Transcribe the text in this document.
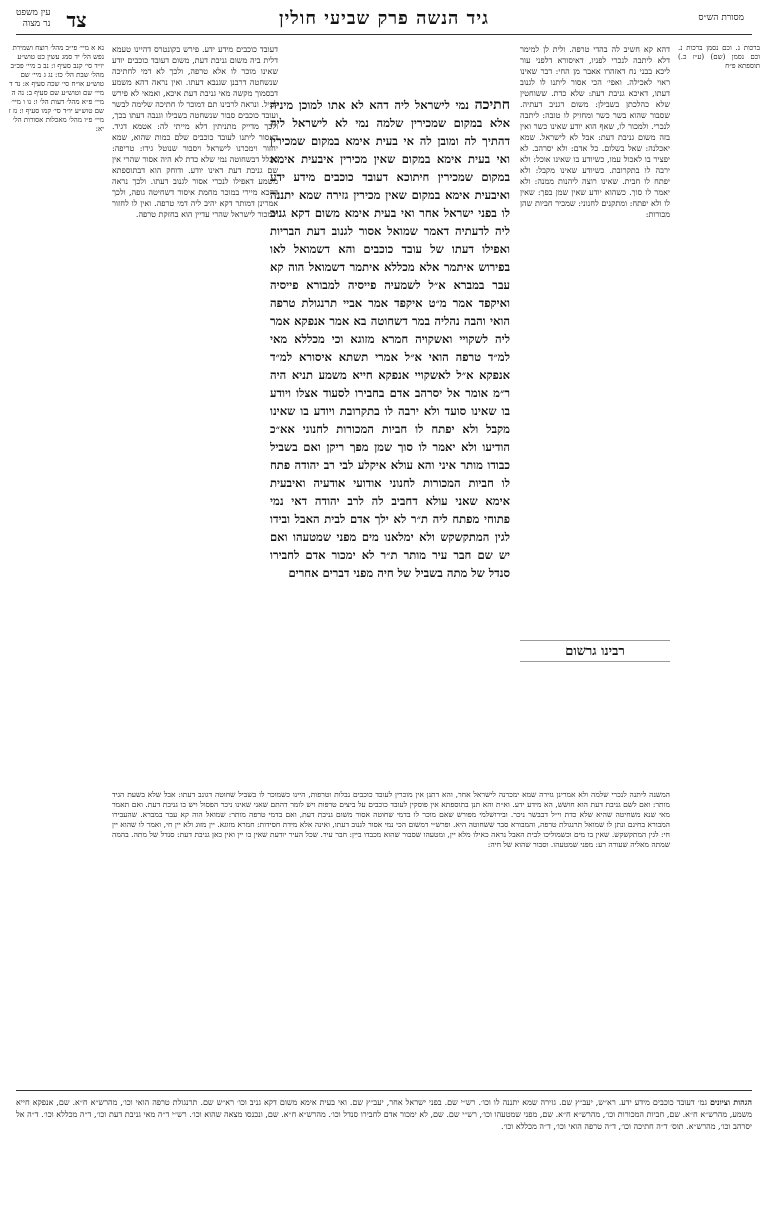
מסורת הש״ס
גיד הנשה פרק שביעי חולין
צד
עין משפט
נר מצוה
ברכות נ. וכם נסמן ברכות נ. וכם נסמן (שם) (ע״ז כ.) תוספתא פ״ח
נא א מיי׳ פי״ב מהל׳ רוצח ושמירת נפש הל׳ יד סמג עשין כט טוש״ע יו״ד סי׳ קנב סעיף ו: נב ב מיי׳ פכ״ב מהל׳ שבת הל׳ כז: נג ג מיי׳ שם טוש״ע או״ח סי׳ שכה סעיף א: נד ד מיי׳ שם וטוש״ע שם סעיף ב: נה ה מיי׳ פ״א מהל׳ דעות הל׳ ו: נו ו מיי׳ שם טוש״ע יו״ד סי׳ קמו סעיף ו: נז ז מיי׳ פ״ו מהל׳ מאכלות אסורות הל׳ יא:
דהא קא חשיב לה בהדי טרפה. ולית לן למימר דלא ליתבה לנכרי לפניו, דאיסורא דלפני עור ליכא בבני נח דאזהרו אאבר מן החי: דבר שאינו ראוי לאכילה. ואפי׳ הכי אסור ליתנו לו לגנוב דעתו, דאיכא גניבת דעת: שלא כדת. ששוחטין שלא כהלכתן בשבילן: משום דגניב דעתיה. שסבור שהוא בשר כשר ומחזיק לו טובה: ליתבה לנכרי. ולמכור לו, שאף הוא יודע שאינו כשר ואין בזה משום גניבת דעת: אבל לא לישראל. שמא יאכלנה: שאל בשלום. כל אדם: ולא יסרהב. לא יפציר בו לאכול עמו, כשיודע בו שאינו אוכל: ולא ירבה לו בתקרובת. כשיודע שאינו מקבל: ולא יפתח לו חבית. שאינו רוצה ליהנות ממנה: ולא יאמר לו סוך. כשהוא יודע שאין שמן בפך: שאין לו ולא יפתח: ומתקנים לחנוני: שמכיר חביות שהן מכורות:
רבינו גרשום
דעובד כוכבים מידע ידע. פירש בקונטרס דהיינו טעמא דלית ביה משום גניבת דעת, משום דעובד כוכבים יודע שאינו מוכר לו אלא טרפה, ולכך לא דמי לחתיכה שנשחטה דרבנן שגנבא דעתו. ואין נראה דהא משמע דבסמוך מקשה מאי גניבת דעת איכא, ואמאי לא פירש לעיל. ונראה לרבינו תם דמוכר לו חתיכה שלימה לבשר ועובד כוכבים סבור שנשחטה בשבילו וגנבה דעתו בכך, ולכך מדייק מתניתין דלא מייתי לה: אטמא דגיד. דאסור ליתנו לעובד כוכבים שלם כמות שהוא, שמא יחזור וימכרנו לישראל ויסבור שנוטל גידו: טריפה: מכלל דבשחוטה נמי שלא כדת לא היה אסור שהרי אין שם גניבת דעת דאינו יודע. ודוחק הוא דבתוספתא משמע דאפילו לנכרי אסור לגנוב דעתו. ולכך נראה דהכא מיירי במוכר מחמת איסור דשחיטה גופה, ולכך אמרינן דמותר דקא יהיב ליה דמי טרפה. ואין לו לחזור ולמכור לישראל שהרי עדיין הוא בחזקת טרפה.
חתיכה נמי לישראל ליה דהא לא אתו למוכן מיניה אלא במקום שמכירין שלמה נמי לא לישראל ליה דהתיך לה ומובן לה אי בעית אימא במקום שמכירין ואי בעית אימא במקום שאין מכירין איבעית אימא במקום שמכירין חיתוכא דעובד כוכבים מידע ידע ואיבעית אימא במקום שאין מכירין גזירה שמא יתננה לו בפני ישראל אחר ואי בעית אימא משום דקא גניב ליה לדעתיה דאמר שמואל אסור לגנוב דעת הבריות ואפילו דעתו של עובד כוכבים והא דשמואל לאו בפירוש איתמר אלא מכללא איתמר דשמואל הוה קא עבר במברא א״ל לשמעיה פייסיה למבורא פייסיה ואיקפד אמר מ״ט איקפד אמר אביי תרנגולת טרפה הואי והבה נהליה במר דשחוטה בא אמר אנפקא אמר ליה לשקויי ואשקויה חמרא מזוגא וכי מכללא מאי למ״ד טרפה הואי א״ל אמרי תשתא איסורא למ״ד אנפקא א״ל לאשקויי אנפקא חייא משמע תניא היה ר״מ אומר אל יסרהב אדם בחבירו לסעוד אצלו ויודע בו שאינו סועד ולא ירבה לו בתקרובת ויודע בו שאינו מקבל ולא יפתח לו חביות המכורות לחנוני אא״כ הודיעו ולא יאמר לו סוך שמן מפך ריקן ואם בשביל כבודו מותר איני והא עולא איקלע לבי רב יהודה פתח לו חביות המכורות לחנוני אודועי אודעיה ואיבעית אימא שאני עולא דחביב לה לרב יהודה דאי נמי פתוחי מפתח ליה ת״ר לא ילך אדם לבית האבל ובידו לגין המתקשקש ולא ימלאנו מים מפני שמטעהו ואם יש שם חבר עיר מותר ת״ר לא ימכור אדם לחבירו סנדל של מתה בשביל של חיה מפני דברים אחרים
המשנה ליתנה לנכרי שלמה ולא אמרינן גזירה שמא ימכרנה לישראל אחר, והא דתנן אין מוכרין לעובד כוכבים נבלות וטרפות, היינו כשמוכר לו בשביל שחוטה דגונב דעתו: אבל שלא בשעת הגיד מותר: ואם לשם גניבת דעת הוא חושש, הא מידע ידע. וא״ת והא תנן בתוספתא אין פוסקין לעובד כוכבים על ביצים טרפות ויש לומר דהתם שאני שאינו ניכר הפסול ויש בו גניבת דעת. ואם תאמר מאי שנא משחיטה שהיא שלא כדת וי״ל דבבשר ניכר. ובירושלמי מפורש שאם מוכר לו בדמי שחוטה אסור משום גניבת דעת, ואם בדמי טרפה מותר: שמואל הוה קא עבר במברא. שהעבירו המבורא בחינם ונתן לו שמואל תרנגולת טרפה, והמבורא סבר ששחוטה היא. ופרש״י דמשום הכי נמי אסור לגנוב דעתו, ואינה אלא מידת חסידות: חמרא מזוגא. יין מזוג ולא יין חי, ואמר לו שהוא יין חי: לגין המתקשקש. שאין בו מים וכשמוליכו לבית האבל נראה כאילו מלא יין, ומטעהו שסבור שהוא מכבדו ביין: חבר עיר. שכל העיר יודעת שאין בו יין ואין כאן גניבת דעת: סנדל של מתה. בהמה שמתה מאליה שעורה רע: מפני שמטעהו. וסבור שהוא של חיה:
הגהות וציונים גמ׳ דעובד כוכבים מידע ידע. רא״ש, יעב״ץ שם. גזירה שמא יתננה לו וכו׳. רש״י שם. בפני ישראל אחר, יעב״ץ שם. ואי בעית אימא משום דקא גניב וכו׳ רא״ש שם. תרנגולת טרפה הואי וכו׳, מהרש״א ח״א. שם, אנפקא חייא משמע, מהרש״א ח״א. שם, חביות המכורות וכו׳, מהרש״א ח״א. שם, מפני שמטעהו וכו׳, רש״י שם. שם, לא ימכור אדם לחבירו סנדל וכו׳. מהרש״א ח״א. שם, ונכנסו מצאה שהוא וכו׳. רש״י ד״ה מאי גניבת דעת וכו׳, ד״ה מכללא וכו׳. ד״ה אל יסרהב וכו׳, מהרש״א. תוס׳ ד״ה חתיכה וכו׳, ד״ה טרפה הואי וכו׳, ד״ה מכללא וכו׳.
